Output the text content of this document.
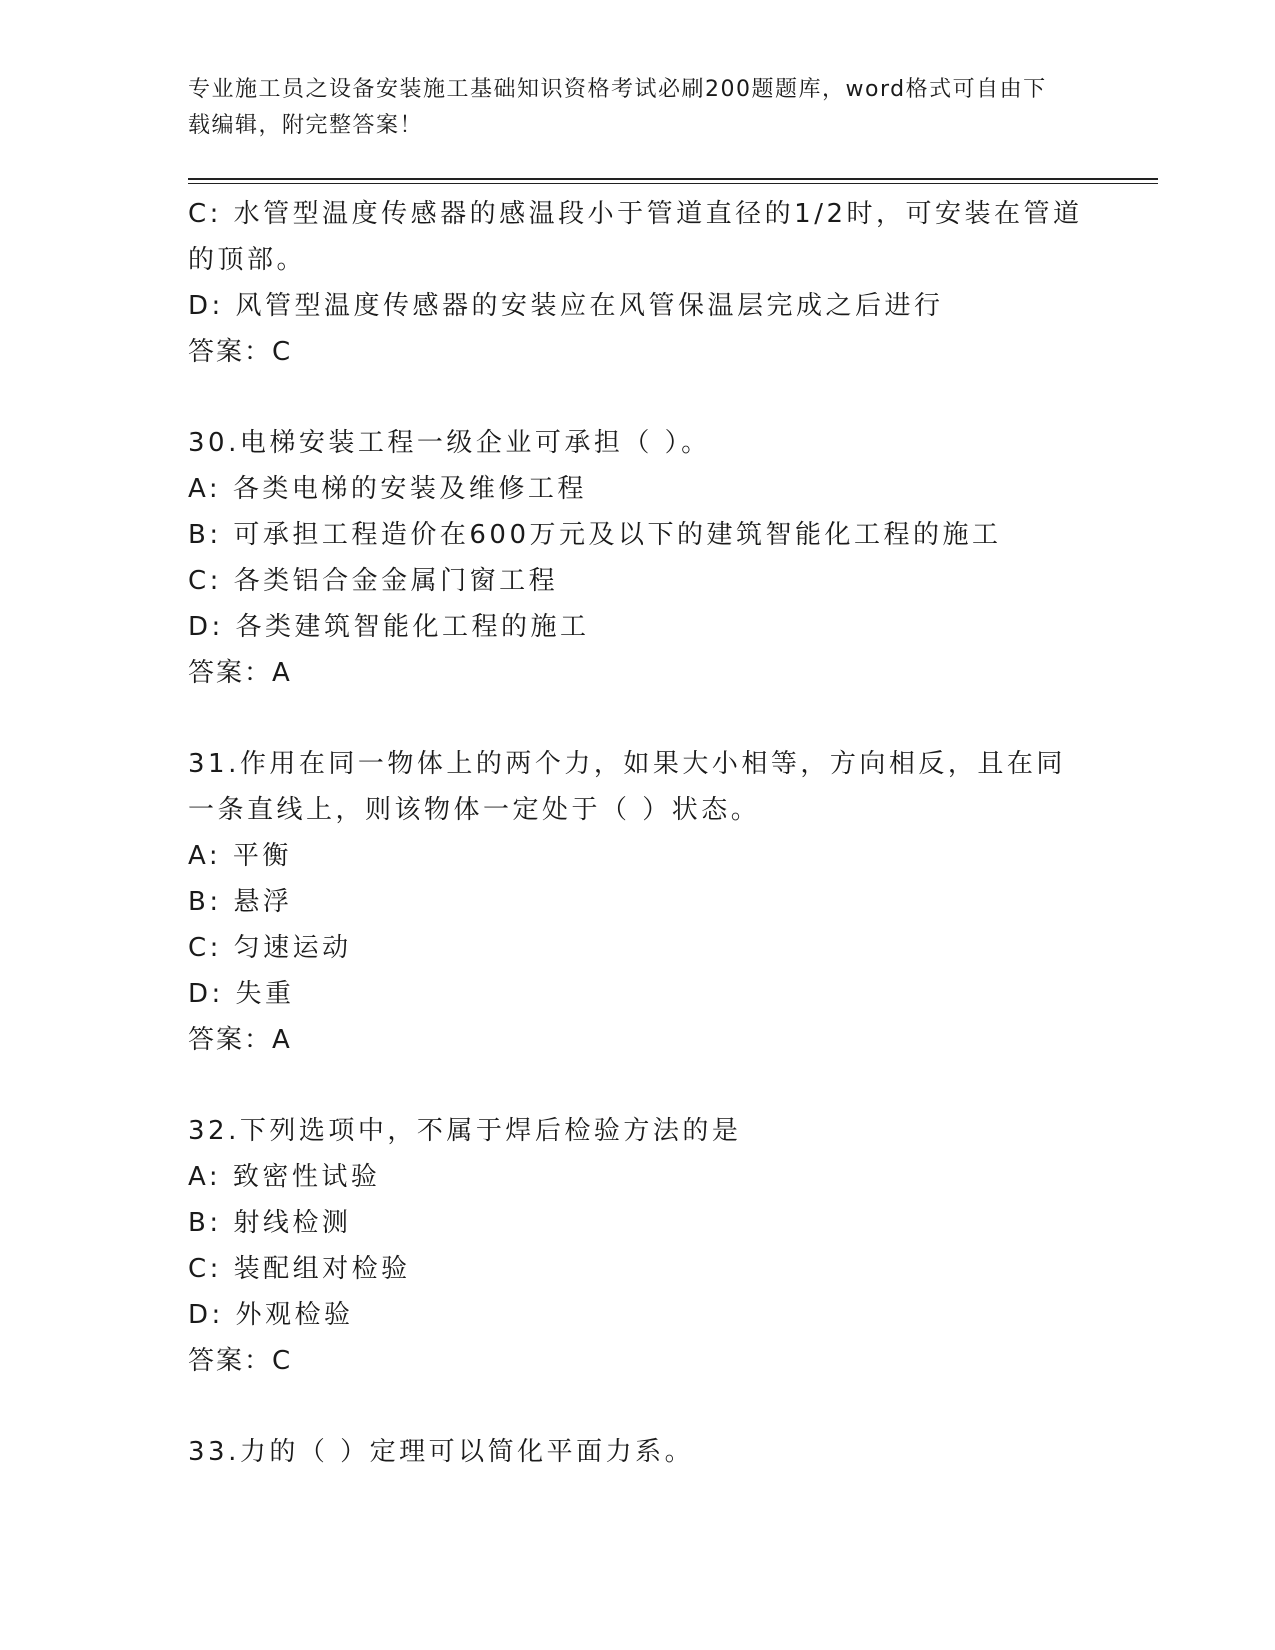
专业施工员之设备安装施工基础知识资格考试必刷200题题库，word格式可自由下载编辑，附完整答案！

C: 水管型温度传感器的感温段小于管道直径的1/2时，可安装在管道的顶部。

D: 风管型温度传感器的安装应在风管保温层完成之后进行

答案：C

30.电梯安装工程一级企业可承担（ ）。

A: 各类电梯的安装及维修工程

B: 可承担工程造价在600万元及以下的建筑智能化工程的施工

C: 各类铝合金金属门窗工程

D: 各类建筑智能化工程的施工

答案：A

31.作用在同一物体上的两个力，如果大小相等，方向相反，且在同一条直线上，则该物体一定处于（ ）状态。

A: 平衡

B: 悬浮

C: 匀速运动

D: 失重

答案：A

32.下列选项中，不属于焊后检验方法的是

A: 致密性试验

B: 射线检测

C: 装配组对检验

D: 外观检验

答案：C

33.力的（ ）定理可以简化平面力系。
